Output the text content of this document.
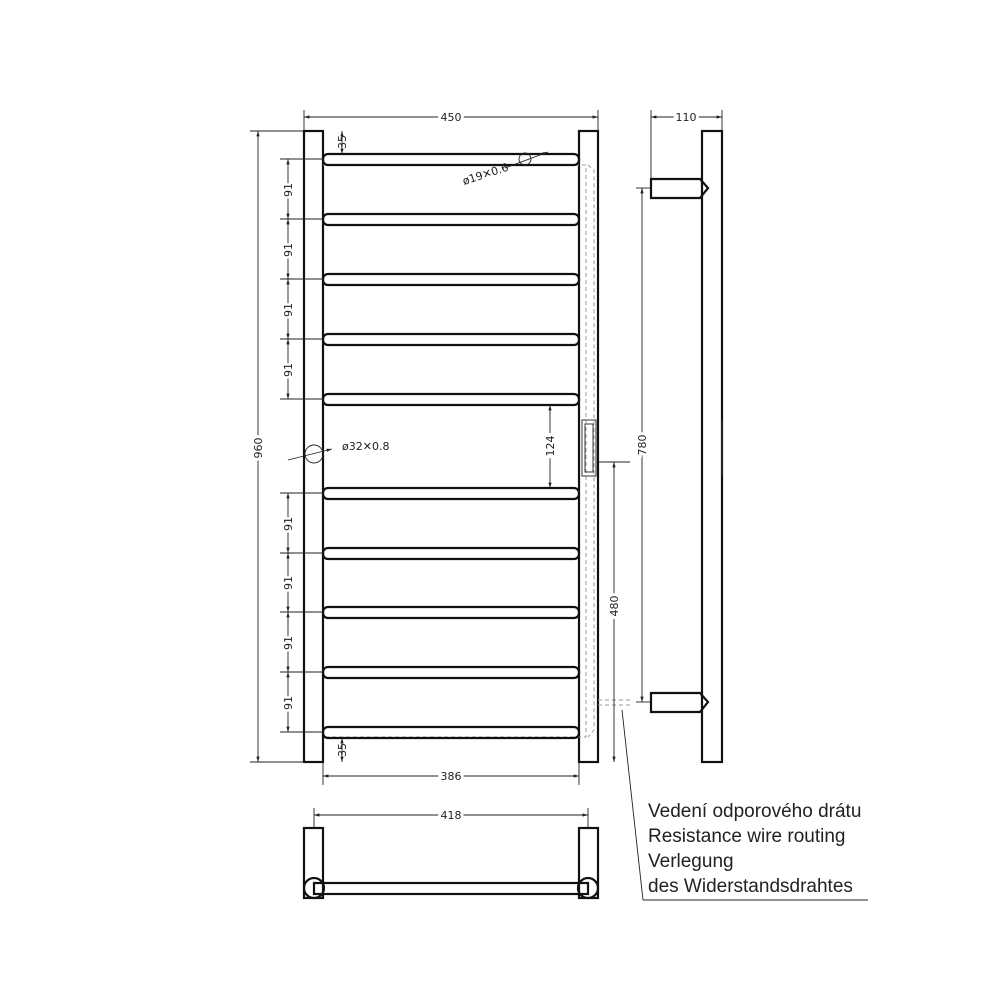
450
960
35
35
91
91
91
91
91
91
91
91
124
386
480
ø19✕0.6
ø32✕0.8
110
780
418	Vedení odporového drátu
Resistance wire routing
Verlegung
des Widerstandsdrahtes
